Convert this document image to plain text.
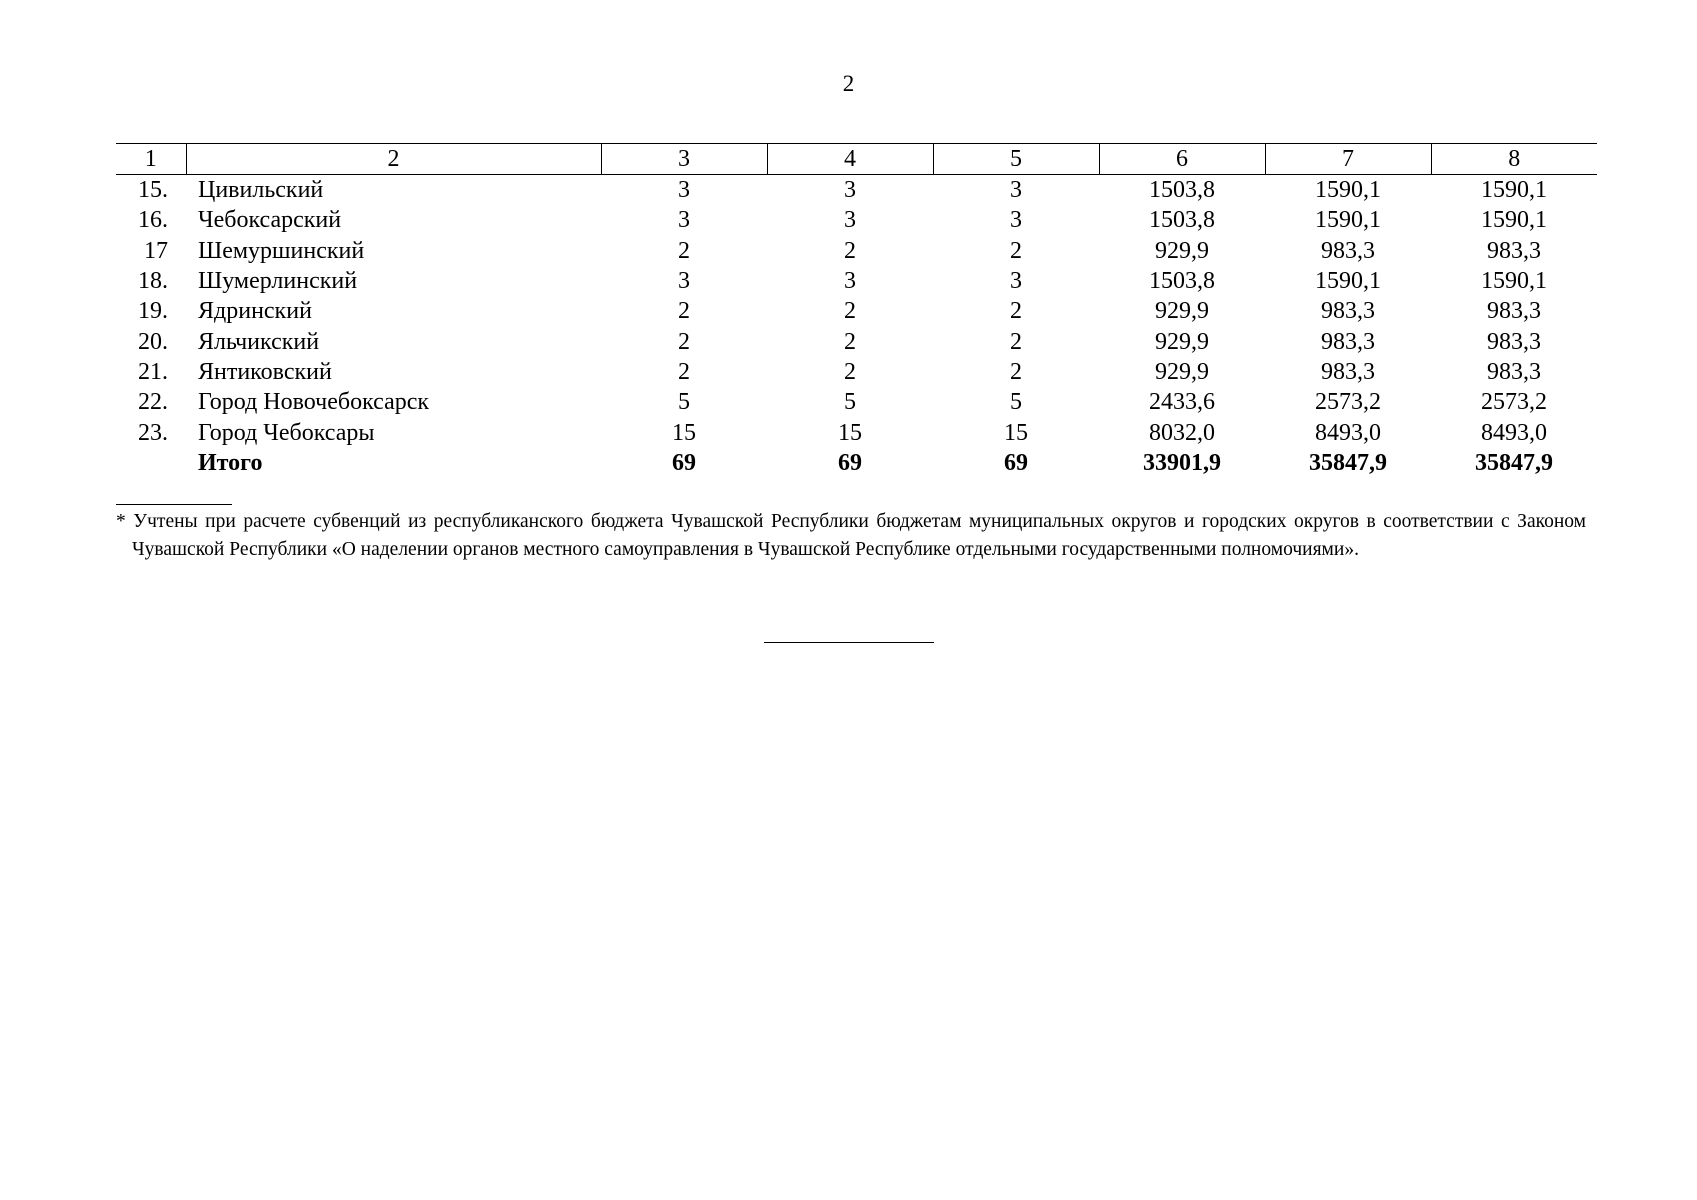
2
1	2	3	4	5	6	7	8
15.	Цивильский	3	3	3	1503,8	1590,1	1590,1
16.	Чебоксарский	3	3	3	1503,8	1590,1	1590,1
17	Шемуршинский	2	2	2	929,9	983,3	983,3
18.	Шумерлинский	3	3	3	1503,8	1590,1	1590,1
19.	Ядринский	2	2	2	929,9	983,3	983,3
20.	Яльчикский	2	2	2	929,9	983,3	983,3
21.	Янтиковский	2	2	2	929,9	983,3	983,3
22.	Город Новочебоксарск	5	5	5	2433,6	2573,2	2573,2
23.	Город Чебоксары	15	15	15	8032,0	8493,0	8493,0
	Итого	69	69	69	33901,9	35847,9	35847,9
* Учтены при расчете субвенций из республиканского бюджета Чувашской Республики бюджетам муниципальных округов и городских округов в соответствии с Законом Чувашской Республики «О наделении органов местного самоуправления в Чувашской Республике отдельными государственными полномочиями».
